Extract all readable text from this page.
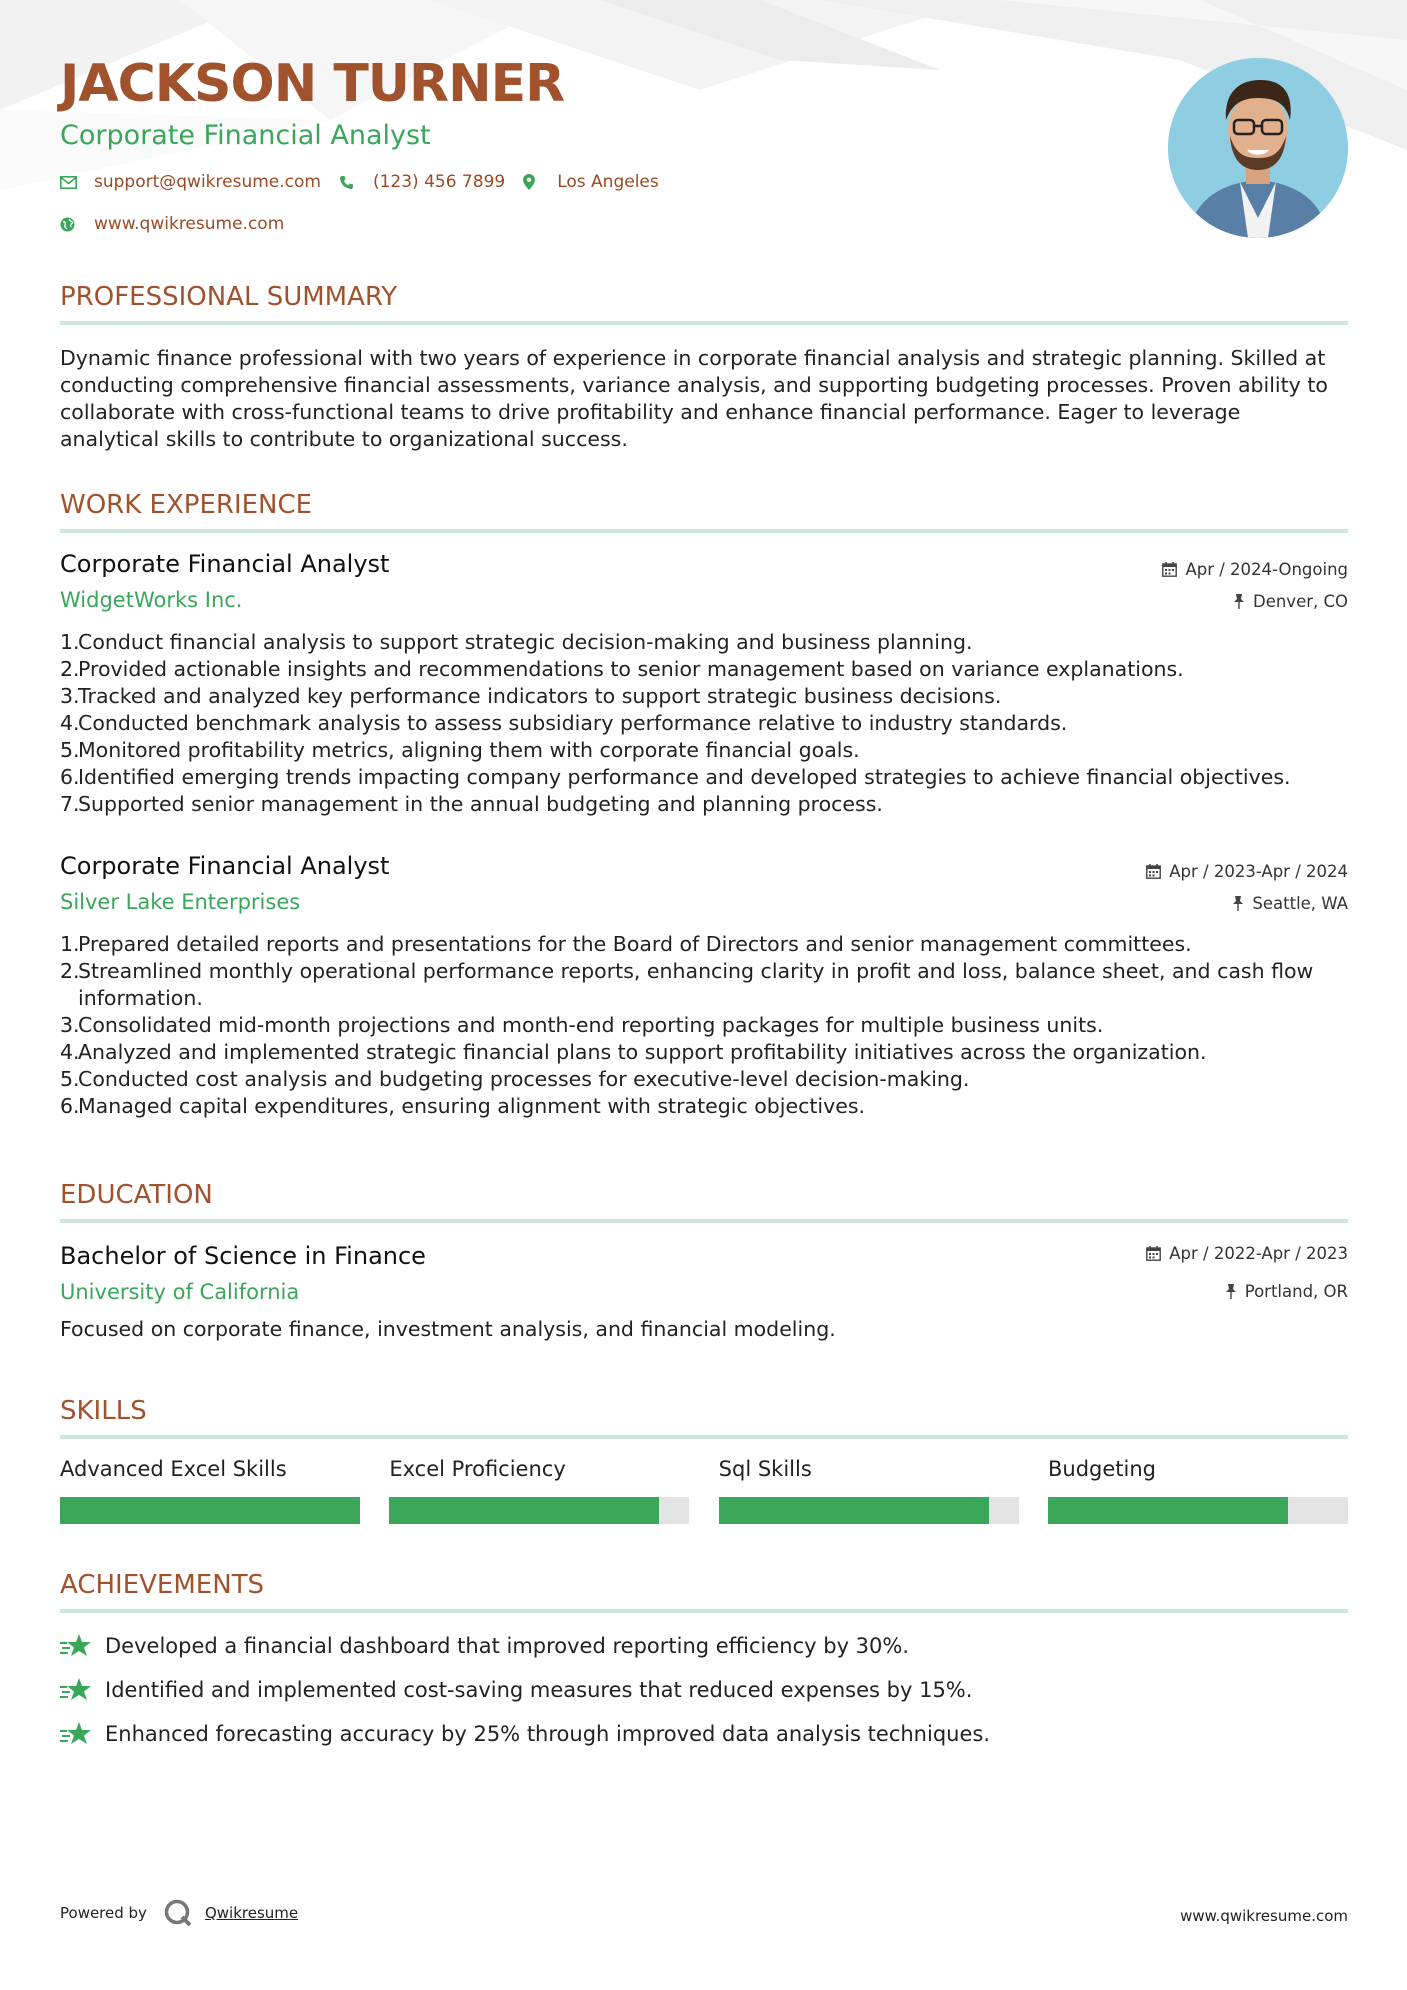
JACKSON TURNER
Corporate Financial Analyst
support@qwikresume.com	(123) 456 7899	Los Angeles
www.qwikresume.com
PROFESSIONAL SUMMARY
Dynamic finance professional with two years of experience in corporate financial analysis and strategic planning. Skilled at
conducting comprehensive financial assessments, variance analysis, and supporting budgeting processes. Proven ability to
collaborate with cross-functional teams to drive profitability and enhance financial performance. Eager to leverage
analytical skills to contribute to organizational success.
WORK EXPERIENCE
Corporate Financial Analyst	Apr / 2024-Ongoing
WidgetWorks Inc.	Denver, CO
1.
Conduct financial analysis to support strategic decision-making and business planning.
2.
Provided actionable insights and recommendations to senior management based on variance explanations.
3.
Tracked and analyzed key performance indicators to support strategic business decisions.
4.
Conducted benchmark analysis to assess subsidiary performance relative to industry standards.
5.
Monitored profitability metrics, aligning them with corporate financial goals.
6.
Identified emerging trends impacting company performance and developed strategies to achieve financial objectives.
7.
Supported senior management in the annual budgeting and planning process.
Corporate Financial Analyst	Apr / 2023-Apr / 2024
Silver Lake Enterprises	Seattle, WA
1.
Prepared detailed reports and presentations for the Board of Directors and senior management committees.
2.
Streamlined monthly operational performance reports, enhancing clarity in profit and loss, balance sheet, and cash flow
information.
3.
Consolidated mid-month projections and month-end reporting packages for multiple business units.
4.
Analyzed and implemented strategic financial plans to support profitability initiatives across the organization.
5.
Conducted cost analysis and budgeting processes for executive-level decision-making.
6.
Managed capital expenditures, ensuring alignment with strategic objectives.
EDUCATION
Bachelor of Science in Finance	Apr / 2022-Apr / 2023
University of California	Portland, OR
Focused on corporate finance, investment analysis, and financial modeling.
SKILLS
Advanced Excel Skills	Excel Proficiency	Sql Skills	Budgeting
ACHIEVEMENTS
Developed a financial dashboard that improved reporting efficiency by 30%.
Identified and implemented cost-saving measures that reduced expenses by 15%.
Enhanced forecasting accuracy by 25% through improved data analysis techniques.
Powered by	Qwikresume	www.qwikresume.com
